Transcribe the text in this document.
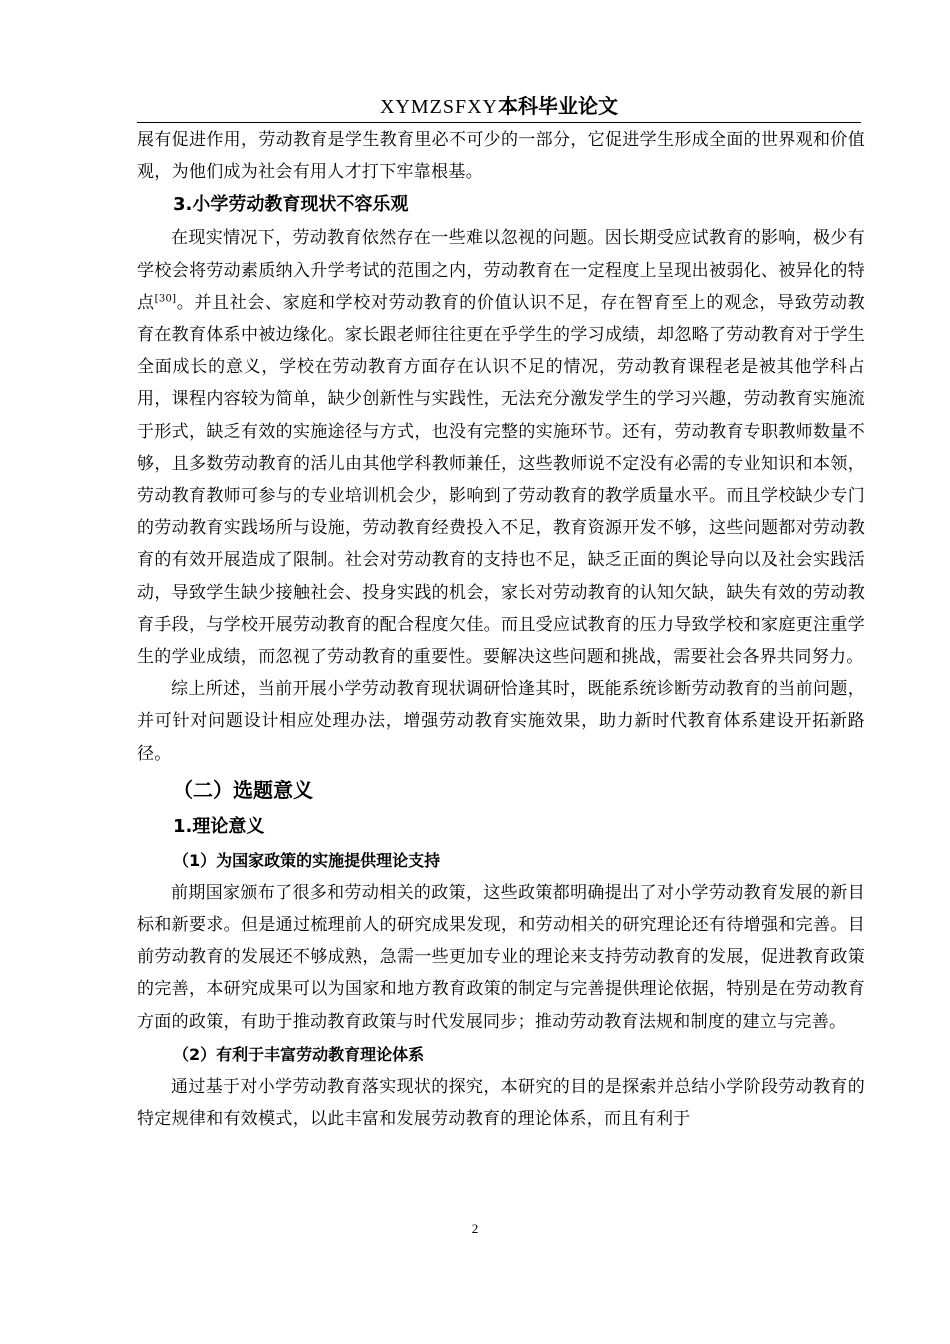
XYMZSFXY本科毕业论文

展有促进作用，劳动教育是学生教育里必不可少的一部分，它促进学生形成全面的世界观和价值观，为他们成为社会有用人才打下牢靠根基。

3.小学劳动教育现状不容乐观

在现实情况下，劳动教育依然存在一些难以忽视的问题。因长期受应试教育的影响，极少有学校会将劳动素质纳入升学考试的范围之内，劳动教育在一定程度上呈现出被弱化、被异化的特点[30]。并且社会、家庭和学校对劳动教育的价值认识不足，存在智育至上的观念，导致劳动教育在教育体系中被边缘化。家长跟老师往往更在乎学生的学习成绩，却忽略了劳动教育对于学生全面成长的意义，学校在劳动教育方面存在认识不足的情况，劳动教育课程老是被其他学科占用，课程内容较为简单，缺少创新性与实践性，无法充分激发学生的学习兴趣，劳动教育实施流于形式，缺乏有效的实施途径与方式，也没有完整的实施环节。还有，劳动教育专职教师数量不够，且多数劳动教育的活儿由其他学科教师兼任，这些教师说不定没有必需的专业知识和本领，劳动教育教师可参与的专业培训机会少，影响到了劳动教育的教学质量水平。而且学校缺少专门的劳动教育实践场所与设施，劳动教育经费投入不足，教育资源开发不够，这些问题都对劳动教育的有效开展造成了限制。社会对劳动教育的支持也不足，缺乏正面的舆论导向以及社会实践活动，导致学生缺少接触社会、投身实践的机会，家长对劳动教育的认知欠缺，缺失有效的劳动教育手段，与学校开展劳动教育的配合程度欠佳。而且受应试教育的压力导致学校和家庭更注重学生的学业成绩，而忽视了劳动教育的重要性。要解决这些问题和挑战，需要社会各界共同努力。

综上所述，当前开展小学劳动教育现状调研恰逢其时，既能系统诊断劳动教育的当前问题，并可针对问题设计相应处理办法，增强劳动教育实施效果，助力新时代教育体系建设开拓新路径。

（二）选题意义
1.理论意义
（1）为国家政策的实施提供理论支持

前期国家颁布了很多和劳动相关的政策，这些政策都明确提出了对小学劳动教育发展的新目标和新要求。但是通过梳理前人的研究成果发现，和劳动相关的研究理论还有待增强和完善。目前劳动教育的发展还不够成熟，急需一些更加专业的理论来支持劳动教育的发展，促进教育政策的完善，本研究成果可以为国家和地方教育政策的制定与完善提供理论依据，特别是在劳动教育方面的政策，有助于推动教育政策与时代发展同步；推动劳动教育法规和制度的建立与完善。

（2）有利于丰富劳动教育理论体系

通过基于对小学劳动教育落实现状的探究，本研究的目的是探索并总结小学阶段劳动教育的特定规律和有效模式，以此丰富和发展劳动教育的理论体系，而且有利于

2
